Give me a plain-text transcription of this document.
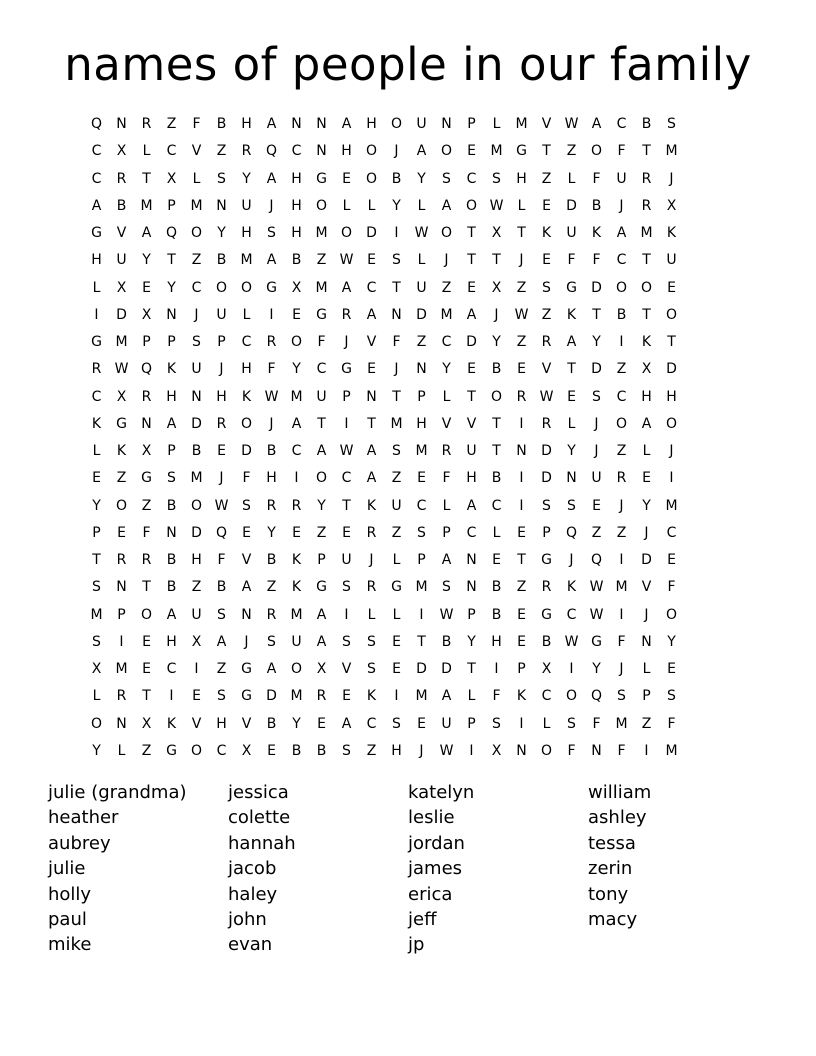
names of people in our family
Q	N	R	Z	F	B	H	A	N	N	A	H	O	U	N	P	L	M	V W A	C	B	S
C	X	L	C	V	Z	R	Q	C	N	H	O	J	A	O	E	M G	T	Z	O	F	T	M
C	R	T	X	L	S	Y	A	H	G	E	O	B	Y	S	C	S	H	Z	L	F	U	R	J
A	B	M	P	M N	U	J	H	O	L	L	Y	L	A	O W	L	E	D	B	J	R	X
G	V	A	Q O	Y	H	S	H M O	D	I	W O	T	X	T	K	U	K	A	M	K
H	U	Y	T	Z	B	M	A	B	Z W E	S	L	J	T	T	J	E	F	F	C	T	U
L	X	E	Y	C	O O	G	X	M	A	C	T	U	Z	E	X	Z	S	G	D	O O	E
I	D	X	N	J	U	L	I	E	G	R	A	N	D M	A	J	W Z	K	T	B	T	O
G M	P	P	S	P	C	R	O	F	J	V	F	Z	C	D	Y	Z	R	A	Y	I	K	T
R W Q	K	U	J	H	F	Y	C	G	E	J	N	Y	E	B	E	V	T	D	Z	X	D
C	X	R	H	N	H	K W M U	P	N	T	P	L	T	O	R W E	S	C	H	H
K	G	N	A	D	R	O	J	A	T	I	T	M H	V	V	T	I	R	L	J	O	A	O
L	K	X	P	B	E	D	B	C	A W A	S	M	R	U	T	N	D	Y	J	Z	L	J
E	Z	G	S	M	J	F	H	I	O	C	A	Z	E	F	H	B	I	D	N	U	R	E	I
Y	O	Z	B	O W S	R	R	Y	T	K	U	C	L	A	C	I	S	S	E	J	Y	M
P	E	F	N	D	Q	E	Y	E	Z	E	R	Z	S	P	C	L	E	P	Q	Z	Z	J	C
T	R	R	B	H	F	V	B	K	P	U	J	L	P	A	N	E	T	G	J	Q	I	D	E
S	N	T	B	Z	B	A	Z	K	G	S	R	G M	S	N	B	Z	R	K W M	V	F
M	P	O	A	U	S	N	R	M	A	I	L	L	I	W P	B	E	G	C W	I	J	O
S	I	E	H	X	A	J	S	U	A	S	S	E	T	B	Y	H	E	B W G	F	N	Y
X	M	E	C	I	Z	G	A	O	X	V	S	E	D	D	T	I	P	X	I	Y	J	L	E
L	R	T	I	E	S	G	D M	R	E	K	I	M	A	L	F	K	C	O Q	S	P	S
O	N	X	K	V	H	V	B	Y	E	A	C	S	E	U	P	S	I	L	S	F	M	Z	F
Y	L	Z	G	O	C	X	E	B	B	S	Z	H	J	W	I	X	N	O	F	N	F	I	M
julie (grandma)
heather
aubrey
julie
holly
paul
mike
jessica
colette
hannah
jacob
haley
john
evan
katelyn
leslie
jordan
james
erica
jeff
jp
william
ashley
tessa
zerin
tony
macy
